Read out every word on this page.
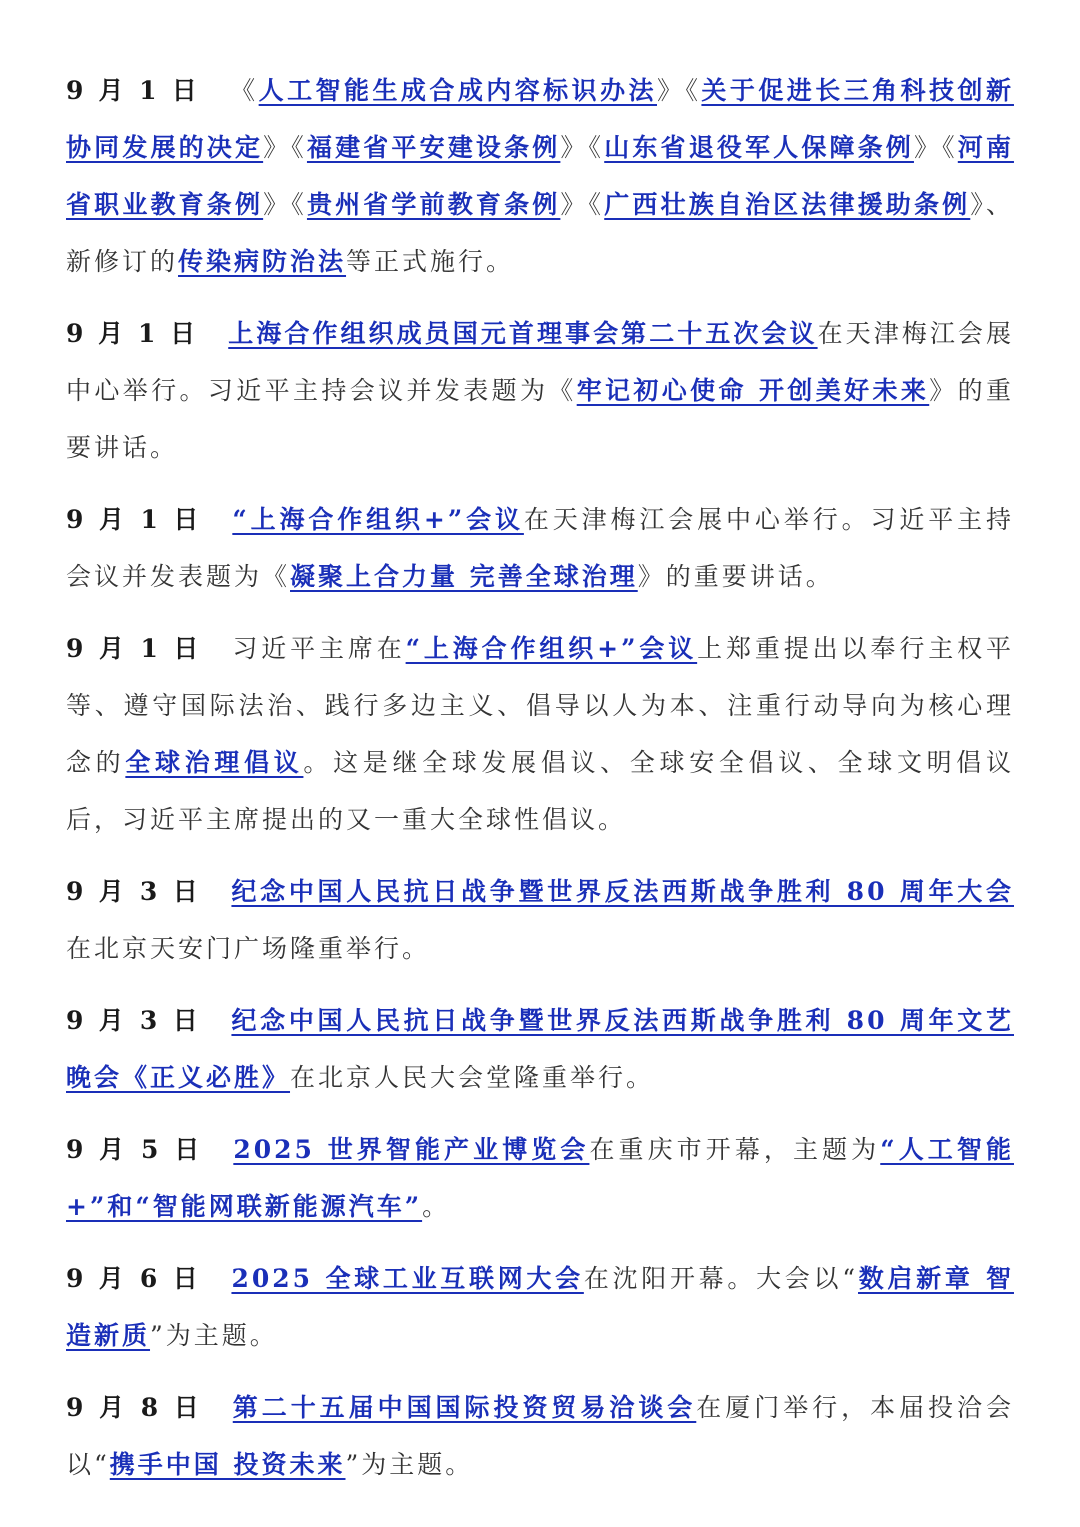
9 月 1 日 《人工智能生成合成内容标识办法》《关于促进长三角科技创新协同发展的决定》《福建省平安建设条例》《山东省退役军人保障条例》《河南省职业教育条例》《贵州省学前教育条例》《广西壮族自治区法律援助条例》、新修订的传染病防治法等正式施行。

9 月 1 日 上海合作组织成员国元首理事会第二十五次会议在天津梅江会展中心举行。习近平主持会议并发表题为《牢记初心使命 开创美好未来》的重要讲话。

9 月 1 日 “上海合作组织+”会议在天津梅江会展中心举行。习近平主持会议并发表题为《凝聚上合力量 完善全球治理》的重要讲话。

9 月 1 日 习近平主席在“上海合作组织+”会议上郑重提出以奉行主权平等、遵守国际法治、践行多边主义、倡导以人为本、注重行动导向为核心理念的全球治理倡议。这是继全球发展倡议、全球安全倡议、全球文明倡议后，习近平主席提出的又一重大全球性倡议。

9 月 3 日 纪念中国人民抗日战争暨世界反法西斯战争胜利 80 周年大会在北京天安门广场隆重举行。

9 月 3 日 纪念中国人民抗日战争暨世界反法西斯战争胜利 80 周年文艺晚会《正义必胜》在北京人民大会堂隆重举行。

9 月 5 日 2025 世界智能产业博览会在重庆市开幕，主题为“人工智能+”和“智能网联新能源汽车”。

9 月 6 日 2025 全球工业互联网大会在沈阳开幕。大会以“数启新章 智造新质”为主题。

9 月 8 日 第二十五届中国国际投资贸易洽谈会在厦门举行，本届投洽会以“携手中国 投资未来”为主题。
